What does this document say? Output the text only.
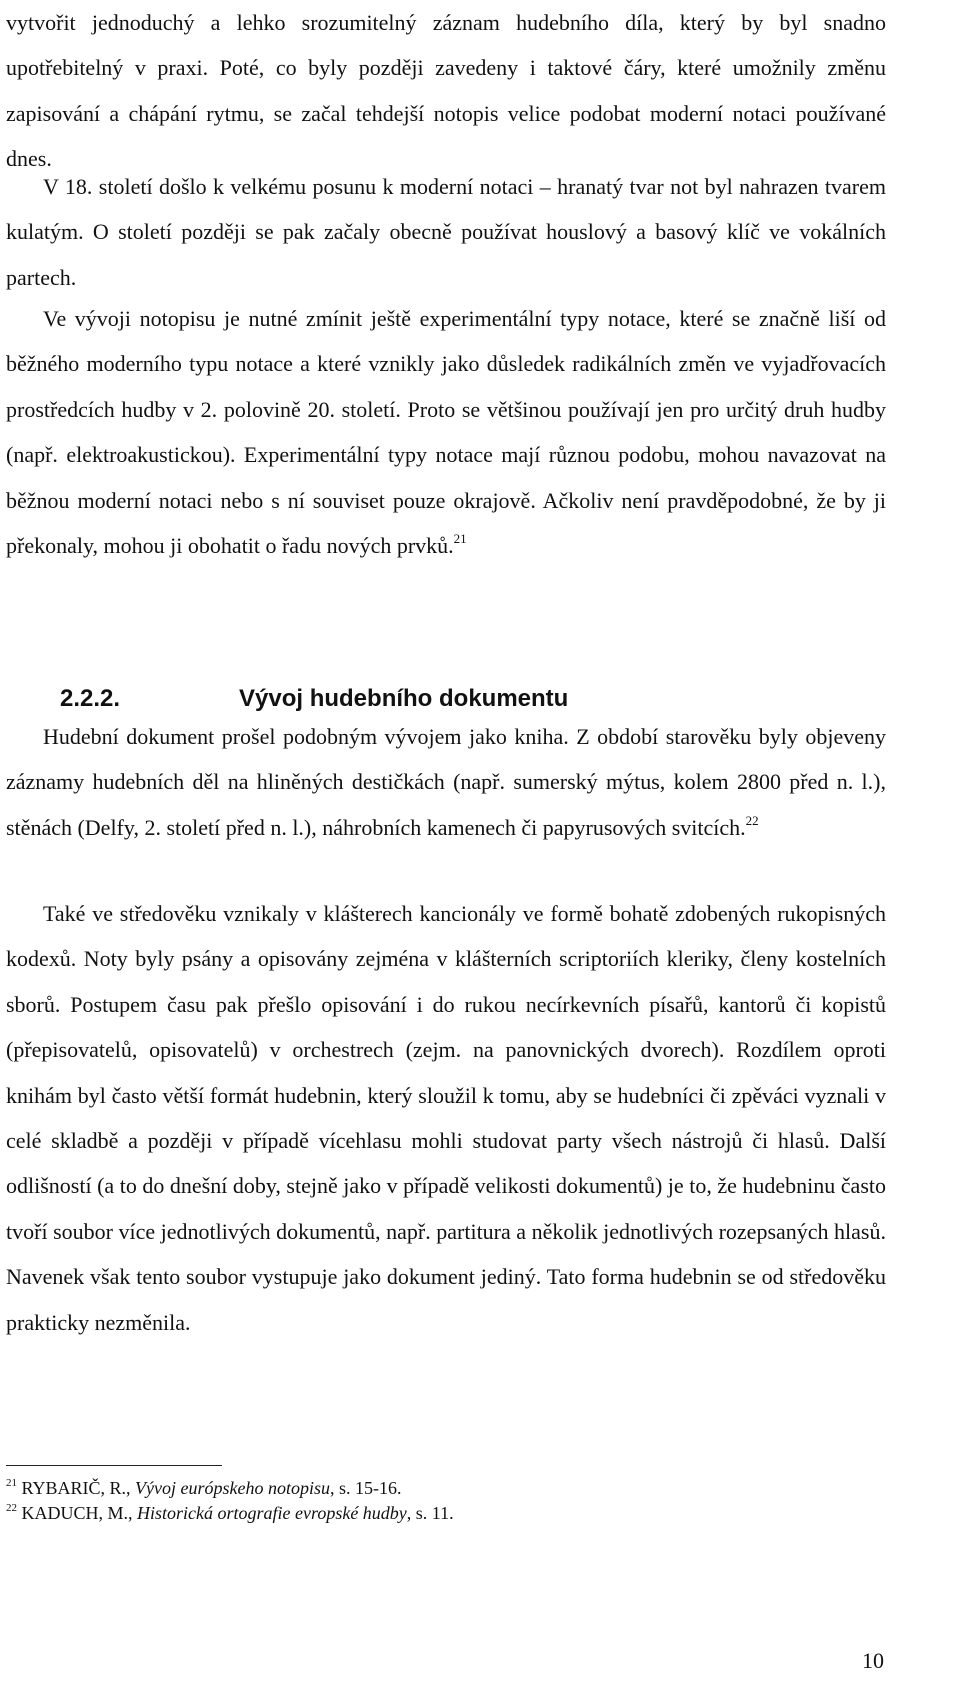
vytvořit jednoduchý a lehko srozumitelný záznam hudebního díla, který by byl snadno upotřebitelný v praxi. Poté, co byly později zavedeny i taktové čáry, které umožnily změnu zapisování a chápání rytmu, se začal tehdejší notopis velice podobat moderní notaci používané dnes.

V 18. století došlo k velkému posunu k moderní notaci – hranatý tvar not byl nahrazen tvarem kulatým. O století později se pak začaly obecně používat houslový a basový klíč ve vokálních partech.

Ve vývoji notopisu je nutné zmínit ještě experimentální typy notace, které se značně liší od běžného moderního typu notace a které vznikly jako důsledek radikálních změn ve vyjadřovacích prostředcích hudby v 2. polovině 20. století. Proto se většinou používají jen pro určitý druh hudby (např. elektroakustickou). Experimentální typy notace mají různou podobu, mohou navazovat na běžnou moderní notaci nebo s ní souviset pouze okrajově. Ačkoliv není pravděpodobné, že by ji překonaly, mohou ji obohatit o řadu nových prvků.$^{21}$

2.2.2.	Vývoj hudebního dokumentu

Hudební dokument prošel podobným vývojem jako kniha. Z období starověku byly objeveny záznamy hudebních děl na hliněných destičkách (např. sumerský mýtus, kolem 2800 před n. l.), stěnách (Delfy, 2. století před n. l.), náhrobních kamenech či papyrusových svitcích.$^{22}$

Také ve středověku vznikaly v klášterech kancionály ve formě bohatě zdobených rukopisných kodexů. Noty byly psány a opisovány zejména v klášterních scriptoriích kleriky, členy kostelních sborů. Postupem času pak přešlo opisování i do rukou necírkevních písařů, kantorů či kopistů (přepisovatelů, opisovatelů) v orchestrech (zejm. na panovnických dvorech). Rozdílem oproti knihám byl často větší formát hudebnin, který sloužil k tomu, aby se hudebníci či zpěváci vyznali v celé skladbě a později v případě vícehlasu mohli studovat party všech nástrojů či hlasů. Další odlišností (a to do dnešní doby, stejně jako v případě velikosti dokumentů) je to, že hudebninu často tvoří soubor více jednotlivých dokumentů, např. partitura a několik jednotlivých rozepsaných hlasů. Navenek však tento soubor vystupuje jako dokument jediný. Tato forma hudebnin se od středověku prakticky nezměnila.

$^{21}$ RYBARIČ, R., Vývoj európskeho notopisu, s. 15-16.
$^{22}$ KADUCH, M., Historická ortografie evropské hudby, s. 11.
10
